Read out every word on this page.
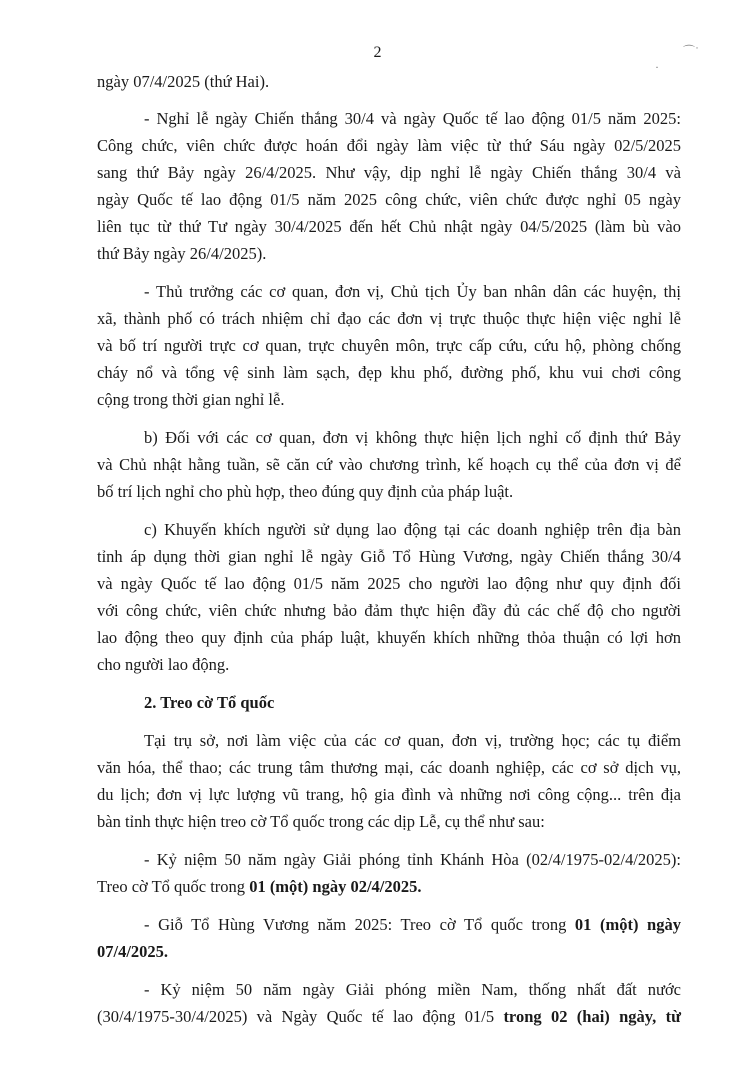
2	⌒˙
·
ngày 07/4/2025 (thứ Hai).
- Nghỉ lễ ngày Chiến thắng 30/4 và ngày Quốc tế lao động 01/5 năm 2025:
Công chức, viên chức được hoán đổi ngày làm việc từ thứ Sáu ngày 02/5/2025
sang thứ Bảy ngày 26/4/2025. Như vậy, dịp nghỉ lễ ngày Chiến thắng 30/4 và
ngày Quốc tế lao động 01/5 năm 2025 công chức, viên chức được nghỉ 05 ngày
liên tục từ thứ Tư ngày 30/4/2025 đến hết Chủ nhật ngày 04/5/2025 (làm bù vào
thứ Bảy ngày 26/4/2025).
- Thủ trưởng các cơ quan, đơn vị, Chủ tịch Ủy ban nhân dân các huyện, thị
xã, thành phố có trách nhiệm chỉ đạo các đơn vị trực thuộc thực hiện việc nghỉ lễ
và bố trí người trực cơ quan, trực chuyên môn, trực cấp cứu, cứu hộ, phòng chống
cháy nổ và tổng vệ sinh làm sạch, đẹp khu phố, đường phố, khu vui chơi công
cộng trong thời gian nghỉ lễ.
b) Đối với các cơ quan, đơn vị không thực hiện lịch nghỉ cố định thứ Bảy
và Chủ nhật hằng tuần, sẽ căn cứ vào chương trình, kế hoạch cụ thể của đơn vị để
bố trí lịch nghỉ cho phù hợp, theo đúng quy định của pháp luật.
c) Khuyến khích người sử dụng lao động tại các doanh nghiệp trên địa bàn
tỉnh áp dụng thời gian nghỉ lễ ngày Giỗ Tổ Hùng Vương, ngày Chiến thắng 30/4
và ngày Quốc tế lao động 01/5 năm 2025 cho người lao động như quy định đối
với công chức, viên chức nhưng bảo đảm thực hiện đầy đủ các chế độ cho người
lao động theo quy định của pháp luật, khuyến khích những thỏa thuận có lợi hơn
cho người lao động.
2. Treo cờ Tổ quốc
Tại trụ sở, nơi làm việc của các cơ quan, đơn vị, trường học; các tụ điểm
văn hóa, thể thao; các trung tâm thương mại, các doanh nghiệp, các cơ sở dịch vụ,
du lịch; đơn vị lực lượng vũ trang, hộ gia đình và những nơi công cộng... trên địa
bàn tỉnh thực hiện treo cờ Tổ quốc trong các dịp Lễ, cụ thể như sau:
- Kỷ niệm 50 năm ngày Giải phóng tỉnh Khánh Hòa (02/4/1975-02/4/2025):
Treo cờ Tổ quốc trong 01 (một) ngày 02/4/2025.
- Giỗ Tổ Hùng Vương năm 2025: Treo cờ Tổ quốc trong 01 (một) ngày
07/4/2025.
- Kỷ niệm 50 năm ngày Giải phóng miền Nam, thống nhất đất nước
(30/4/1975-30/4/2025) và Ngày Quốc tế lao động 01/5 trong 02 (hai) ngày, từ
